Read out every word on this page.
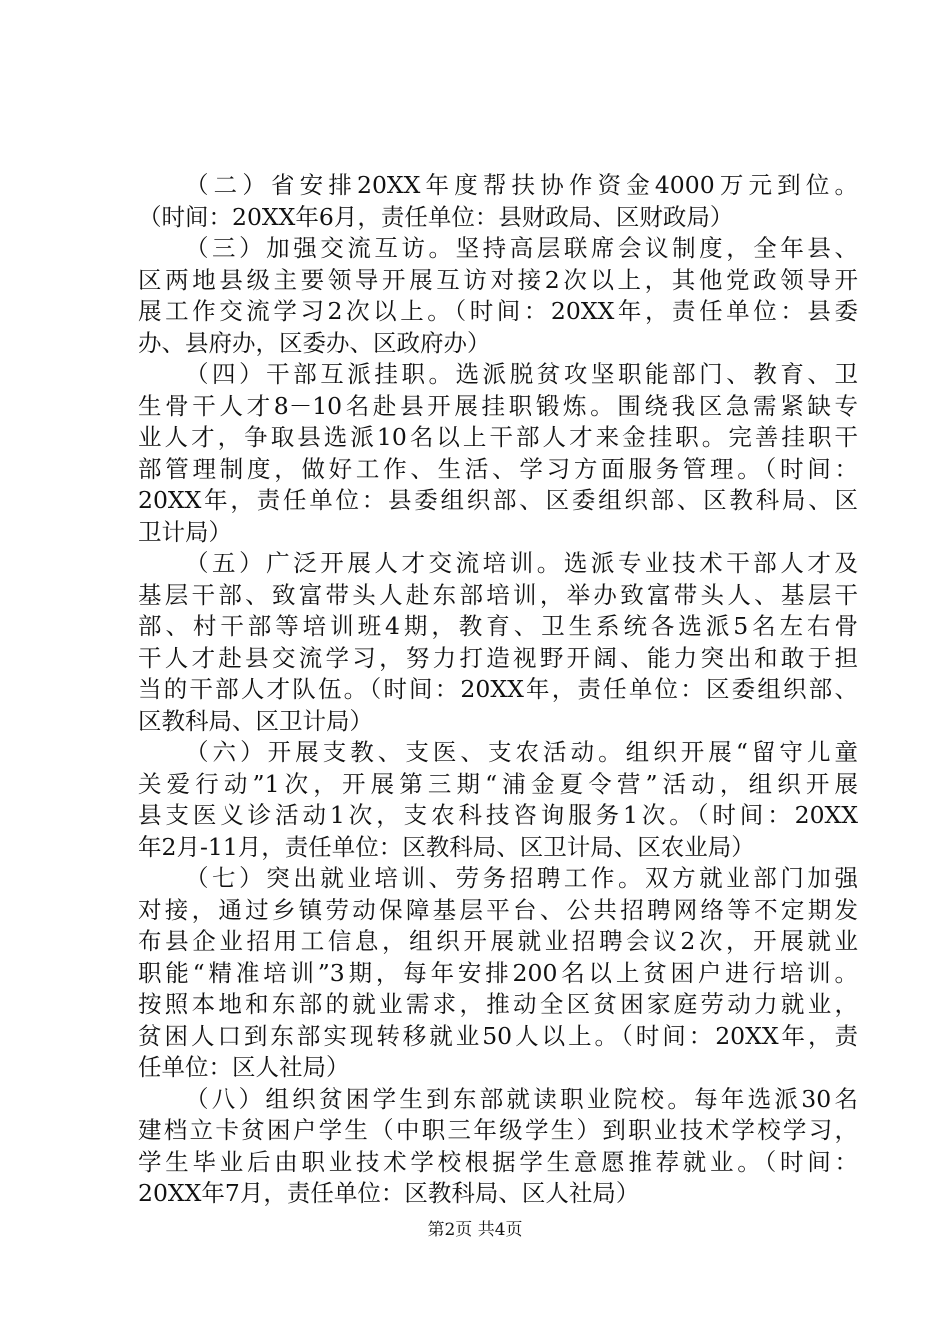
（二）省安排20XX年度帮扶协作资金4000万元到位。
（时间：20XX年6月，责任单位：县财政局、区财政局）
（三）加强交流互访。坚持高层联席会议制度，全年县、
区两地县级主要领导开展互访对接2次以上，其他党政领导开
展工作交流学习2次以上。（时间：20XX年，责任单位：县委
办、县府办，区委办、区政府办）
（四）干部互派挂职。选派脱贫攻坚职能部门、教育、卫
生骨干人才8－10名赴县开展挂职锻炼。围绕我区急需紧缺专
业人才，争取县选派10名以上干部人才来金挂职。完善挂职干
部管理制度，做好工作、生活、学习方面服务管理。（时间：
20XX年，责任单位：县委组织部、区委组织部、区教科局、区
卫计局）
（五）广泛开展人才交流培训。选派专业技术干部人才及
基层干部、致富带头人赴东部培训，举办致富带头人、基层干
部、村干部等培训班4期，教育、卫生系统各选派5名左右骨
干人才赴县交流学习，努力打造视野开阔、能力突出和敢于担
当的干部人才队伍。（时间：20XX年，责任单位：区委组织部、
区教科局、区卫计局）
（六）开展支教、支医、支农活动。组织开展“留守儿童
关爱行动”1次，开展第三期“浦金夏令营”活动，组织开展
县支医义诊活动1次，支农科技咨询服务1次。（时间：20XX
年2月-11月，责任单位：区教科局、区卫计局、区农业局）
（七）突出就业培训、劳务招聘工作。双方就业部门加强
对接，通过乡镇劳动保障基层平台、公共招聘网络等不定期发
布县企业招用工信息，组织开展就业招聘会议2次，开展就业
职能“精准培训”3期，每年安排200名以上贫困户进行培训。
按照本地和东部的就业需求，推动全区贫困家庭劳动力就业，
贫困人口到东部实现转移就业50人以上。（时间：20XX年，责
任单位：区人社局）
（八）组织贫困学生到东部就读职业院校。每年选派30名
建档立卡贫困户学生（中职三年级学生）到职业技术学校学习，
学生毕业后由职业技术学校根据学生意愿推荐就业。（时间：
20XX年7月，责任单位：区教科局、区人社局）
第2页 共4页
